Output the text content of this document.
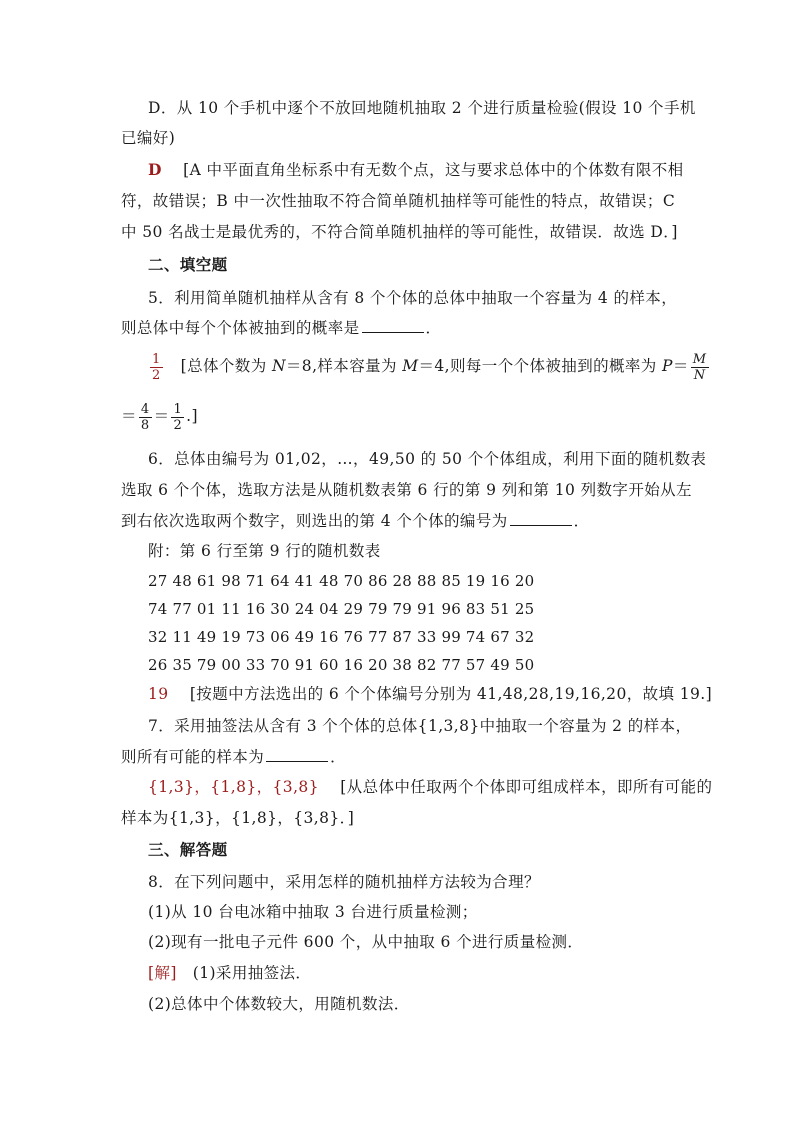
D．从 10 个手机中逐个不放回地随机抽取 2 个进行质量检验(假设 10 个手机
已编好)
D [A 中平面直角坐标系中有无数个点，这与要求总体中的个体数有限不相
符，故错误；B 中一次性抽取不符合简单随机抽样等可能性的特点，故错误；C
中 50 名战士是最优秀的，不符合简单随机抽样的等可能性，故错误．故选 D．]
二、填空题
5．利用简单随机抽样从含有 8 个个体的总体中抽取一个容量为 4 的样本，
则总体中每个个体被抽到的概率是	．
$\frac{1}{2}$ [总体个数为 N＝8,样本容量为 M＝4,则每一个个体被抽到的概率为 $P= \frac{M}{N}$
＝ $\frac{4}{8} = \frac{1}{2}$ .]
6．总体由编号为 01,02，…，49,50 的 50 个个体组成，利用下面的随机数表
选取 6 个个体，选取方法是从随机数表第 6 行的第 9 列和第 10 列数字开始从左
到右依次选取两个数字，则选出的第 4 个个体的编号为	．
附：第 6 行至第 9 行的随机数表
27 48 61 98 71 64 41 48 70 86 28 88 85 19 16 20
74 77 01 11 16 30 24 04 29 79 79 91 96 83 51 25
32 11 49 19 73 06 49 16 76 77 87 33 99 74 67 32
26 35 79 00 33 70 91 60 16 20 38 82 77 57 49 50
19 [按题中方法选出的 6 个个体编号分别为 41,48,28,19,16,20，故填 19.]
7．采用抽签法从含有 3 个个体的总体{1,3,8}中抽取一个容量为 2 的样本，
则所有可能的样本为	．
{1,3}，{1,8}，{3,8} [从总体中任取两个个体即可组成样本，即所有可能的
样本为{1,3}，{1,8}，{3,8}．]
三、解答题
8．在下列问题中，采用怎样的随机抽样方法较为合理？
(1)从 10 台电冰箱中抽取 3 台进行质量检测；
(2)现有一批电子元件 600 个，从中抽取 6 个进行质量检测．
[解] (1)采用抽签法．
(2)总体中个体数较大，用随机数法．
